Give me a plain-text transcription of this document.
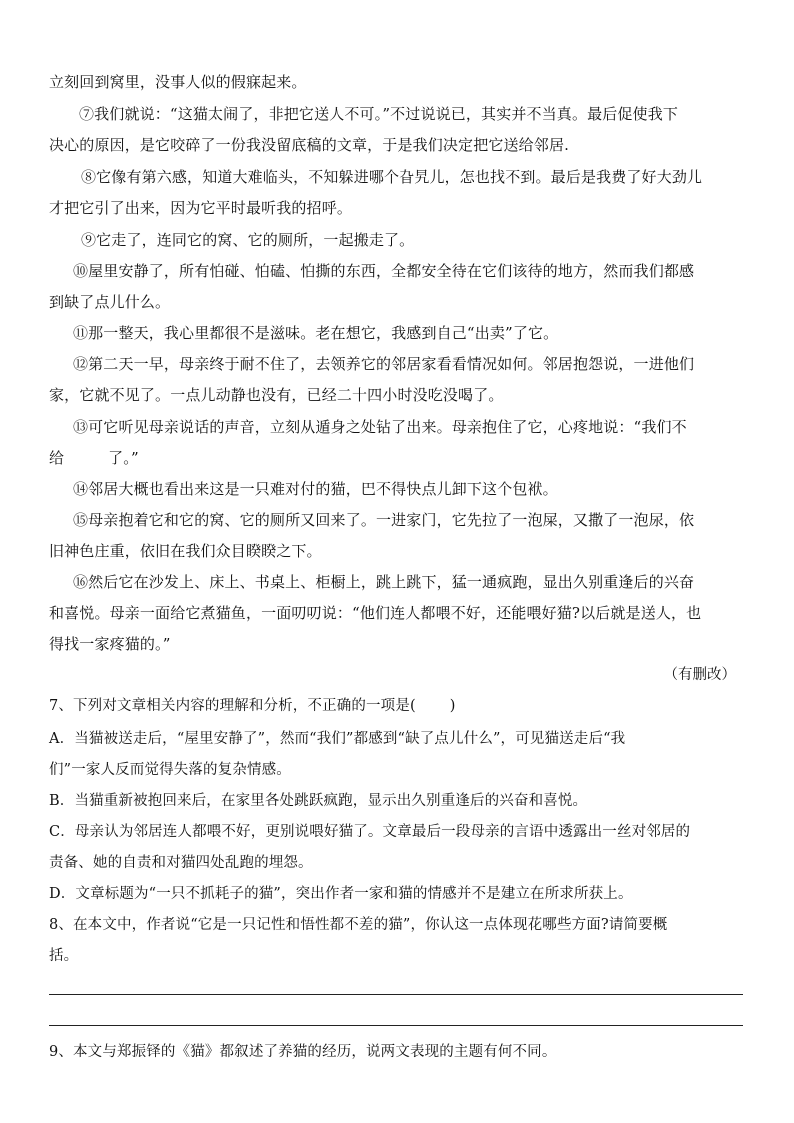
立刻回到窝里，没事人似的假寐起来。
⑦我们就说：“这猫太闹了，非把它送人不可。”不过说说已，其实并不当真。最后促使我下
决心的原因，是它咬碎了一份我没留底稿的文章，于是我们决定把它送给邻居.
⑧它像有第六感，知道大难临头，不知躲进哪个旮旯儿，怎也找不到。最后是我费了好大劲儿
才把它引了出来，因为它平时最听我的招呼。
⑨它走了，连同它的窝、它的厕所，一起搬走了。
⑩屋里安静了，所有怕碰、怕磕、怕撕的东西，全都安全待在它们该待的地方，然而我们都感
到缺了点儿什么。
⑪那一整天，我心里都很不是滋味。老在想它，我感到自己“出卖”了它。
⑫第二天一早，母亲终于耐不住了，去领养它的邻居家看看情况如何。邻居抱怨说，一进他们
家，它就不见了。一点儿动静也没有，已经二十四小时没吃没喝了。
⑬可它听见母亲说话的声音，立刻从遁身之处钻了出来。母亲抱住了它，心疼地说：“我们不
给	了。”
⑭邻居大概也看出来这是一只难对付的猫，巴不得快点儿卸下这个包袱。
⑮母亲抱着它和它的窝、它的厕所又回来了。一进家门，它先拉了一泡屎，又撒了一泡尿，依
旧神色庄重，依旧在我们众目睽睽之下。
⑯然后它在沙发上、床上、书桌上、柜橱上，跳上跳下，猛一通疯跑，显出久别重逢后的兴奋
和喜悦。母亲一面给它煮猫鱼，一面叨叨说：“他们连人都喂不好，还能喂好猫?以后就是送人，也
得找一家疼猫的。”
（有删改）
7、下列对文章相关内容的理解和分析，不正确的一项是( )
A．当猫被送走后，“屋里安静了”，然而“我们”都感到“缺了点儿什么”，可见猫送走后“我
们”一家人反而觉得失落的复杂情感。
B．当猫重新被抱回来后，在家里各处跳跃疯跑，显示出久别重逢后的兴奋和喜悦。
C．母亲认为邻居连人都喂不好，更别说喂好猫了。文章最后一段母亲的言语中透露出一丝对邻居的
责备、她的自责和对猫四处乱跑的埋怨。
D．文章标题为“一只不抓耗子的猫”，突出作者一家和猫的情感并不是建立在所求所获上。
8、在本文中，作者说“它是一只记性和悟性都不差的猫”，你认这一点体现花哪些方面?请简要概
括。
9、本文与郑振铎的《猫》都叙述了养猫的经历，说两文表现的主题有何不同。
